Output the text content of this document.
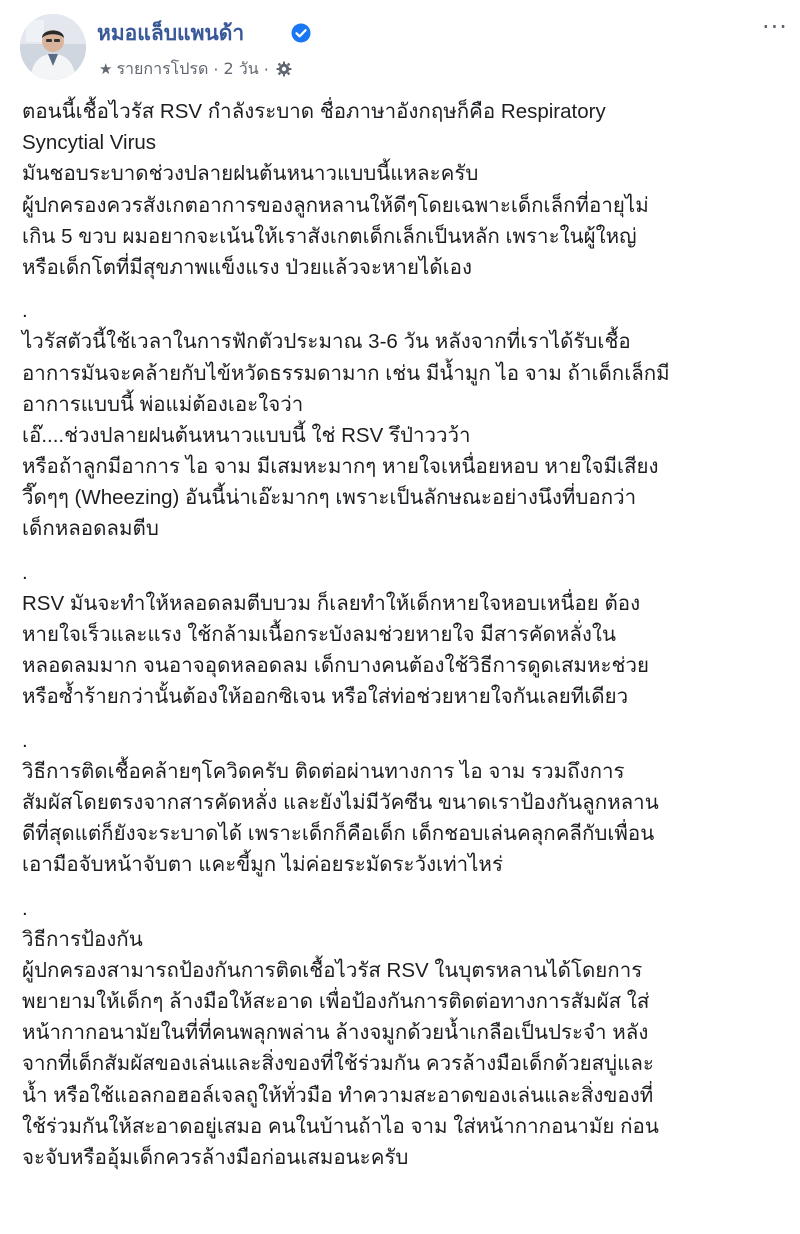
หมอแล็บแพนด้า
★ รายการโปรด · 2 วัน ·
···
ตอนนี้เชื้อไวรัส RSV กำลังระบาด ชื่อภาษาอังกฤษก็คือ Respiratory
Syncytial Virus
มันชอบระบาดช่วงปลายฝนต้นหนาวแบบนี้แหละครับ
ผู้ปกครองควรสังเกตอาการของลูกหลานให้ดีๆโดยเฉพาะเด็กเล็กที่อายุไม่
เกิน 5 ขวบ ผมอยากจะเน้นให้เราสังเกตเด็กเล็กเป็นหลัก เพราะในผู้ใหญ่
หรือเด็กโตที่มีสุขภาพแข็งแรง ป่วยแล้วจะหายได้เอง
.
ไวรัสตัวนี้ใช้เวลาในการฟักตัวประมาณ 3-6 วัน หลังจากที่เราได้รับเชื้อ
อาการมันจะคล้ายกับไข้หวัดธรรมดามาก เช่น มีน้ำมูก ไอ จาม ถ้าเด็กเล็กมี
อาการแบบนี้ พ่อแม่ต้องเอะใจว่า
เอ๊....ช่วงปลายฝนต้นหนาวแบบนี้ ใช่ RSV รึป่าววว้า
หรือถ้าลูกมีอาการ ไอ จาม มีเสมหะมากๆ หายใจเหนื่อยหอบ หายใจมีเสียง
วี๊ดๆๆ (Wheezing) อันนี้น่าเอ๊ะมากๆ เพราะเป็นลักษณะอย่างนึงที่บอกว่า
เด็กหลอดลมตีบ
.
RSV มันจะทำให้หลอดลมตีบบวม ก็เลยทำให้เด็กหายใจหอบเหนื่อย ต้อง
หายใจเร็วและแรง ใช้กล้ามเนื้อกระบังลมช่วยหายใจ มีสารคัดหลั่งใน
หลอดลมมาก จนอาจอุดหลอดลม เด็กบางคนต้องใช้วิธีการดูดเสมหะช่วย
หรือซ้ำร้ายกว่านั้นต้องให้ออกซิเจน หรือใส่ท่อช่วยหายใจกันเลยทีเดียว
.
วิธีการติดเชื้อคล้ายๆโควิดครับ ติดต่อผ่านทางการ ไอ จาม รวมถึงการ
สัมผัสโดยตรงจากสารคัดหลั่ง และยังไม่มีวัคซีน ขนาดเราป้องกันลูกหลาน
ดีที่สุดแต่ก็ยังจะระบาดได้ เพราะเด็กก็คือเด็ก เด็กชอบเล่นคลุกคลีกับเพื่อน
เอามือจับหน้าจับตา แคะขี้มูก ไม่ค่อยระมัดระวังเท่าไหร่
.
วิธีการป้องกัน
ผู้ปกครองสามารถป้องกันการติดเชื้อไวรัส RSV ในบุตรหลานได้โดยการ
พยายามให้เด็กๆ ล้างมือให้สะอาด เพื่อป้องกันการติดต่อทางการสัมผัส ใส่
หน้ากากอนามัยในที่ที่คนพลุกพล่าน ล้างจมูกด้วยน้ำเกลือเป็นประจำ หลัง
จากที่เด็กสัมผัสของเล่นและสิ่งของที่ใช้ร่วมกัน ควรล้างมือเด็กด้วยสบู่และ
น้ำ หรือใช้แอลกอฮอล์เจลถูให้ทั่วมือ ทำความสะอาดของเล่นและสิ่งของที่
ใช้ร่วมกันให้สะอาดอยู่เสมอ คนในบ้านถ้าไอ จาม ใส่หน้ากากอนามัย ก่อน
จะจับหรืออุ้มเด็กควรล้างมือก่อนเสมอนะครับ
